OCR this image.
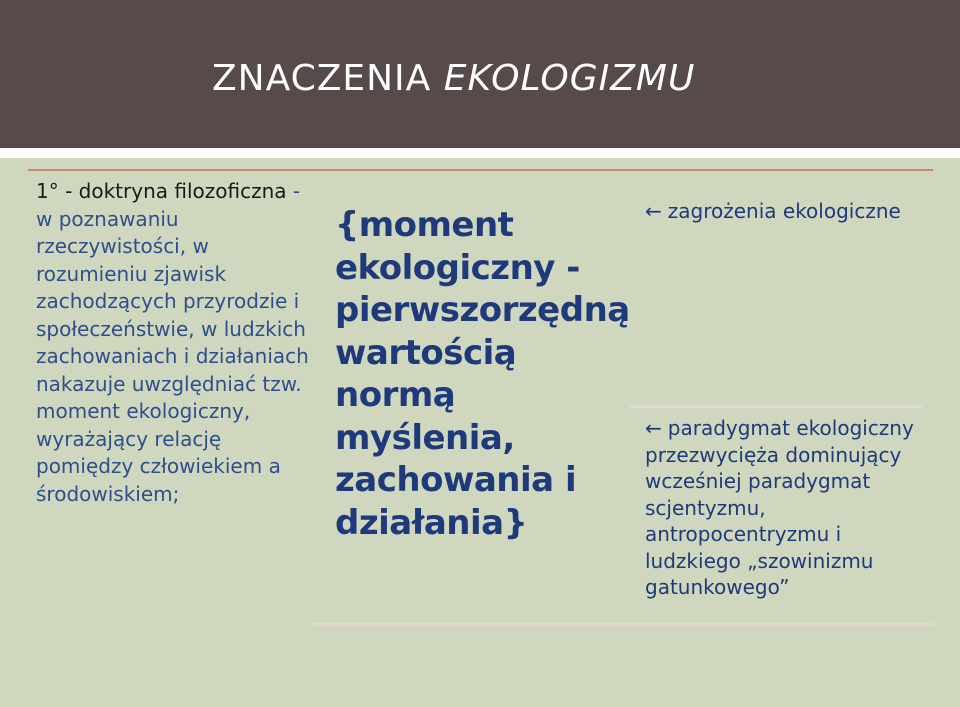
ZNACZENIA EKOLOGIZMU
1° - doktryna filozoficzna - w poznawaniu rzeczywistości, w rozumieniu zjawisk zachodzących przyrodzie i społeczeństwie, w ludzkich zachowaniach i działaniach nakazuje uwzględniać tzw. moment ekologiczny, wyrażający relację pomiędzy człowiekiem a środowiskiem;
{moment ekologiczny - pierwszorzędną wartością normą myślenia, zachowania i działania}
← zagrożenia ekologiczne
← paradygmat ekologiczny przezwycięża dominujący wcześniej paradygmat scjentyzmu, antropocentryzmu i ludzkiego „szowinizmu gatunkowego”
